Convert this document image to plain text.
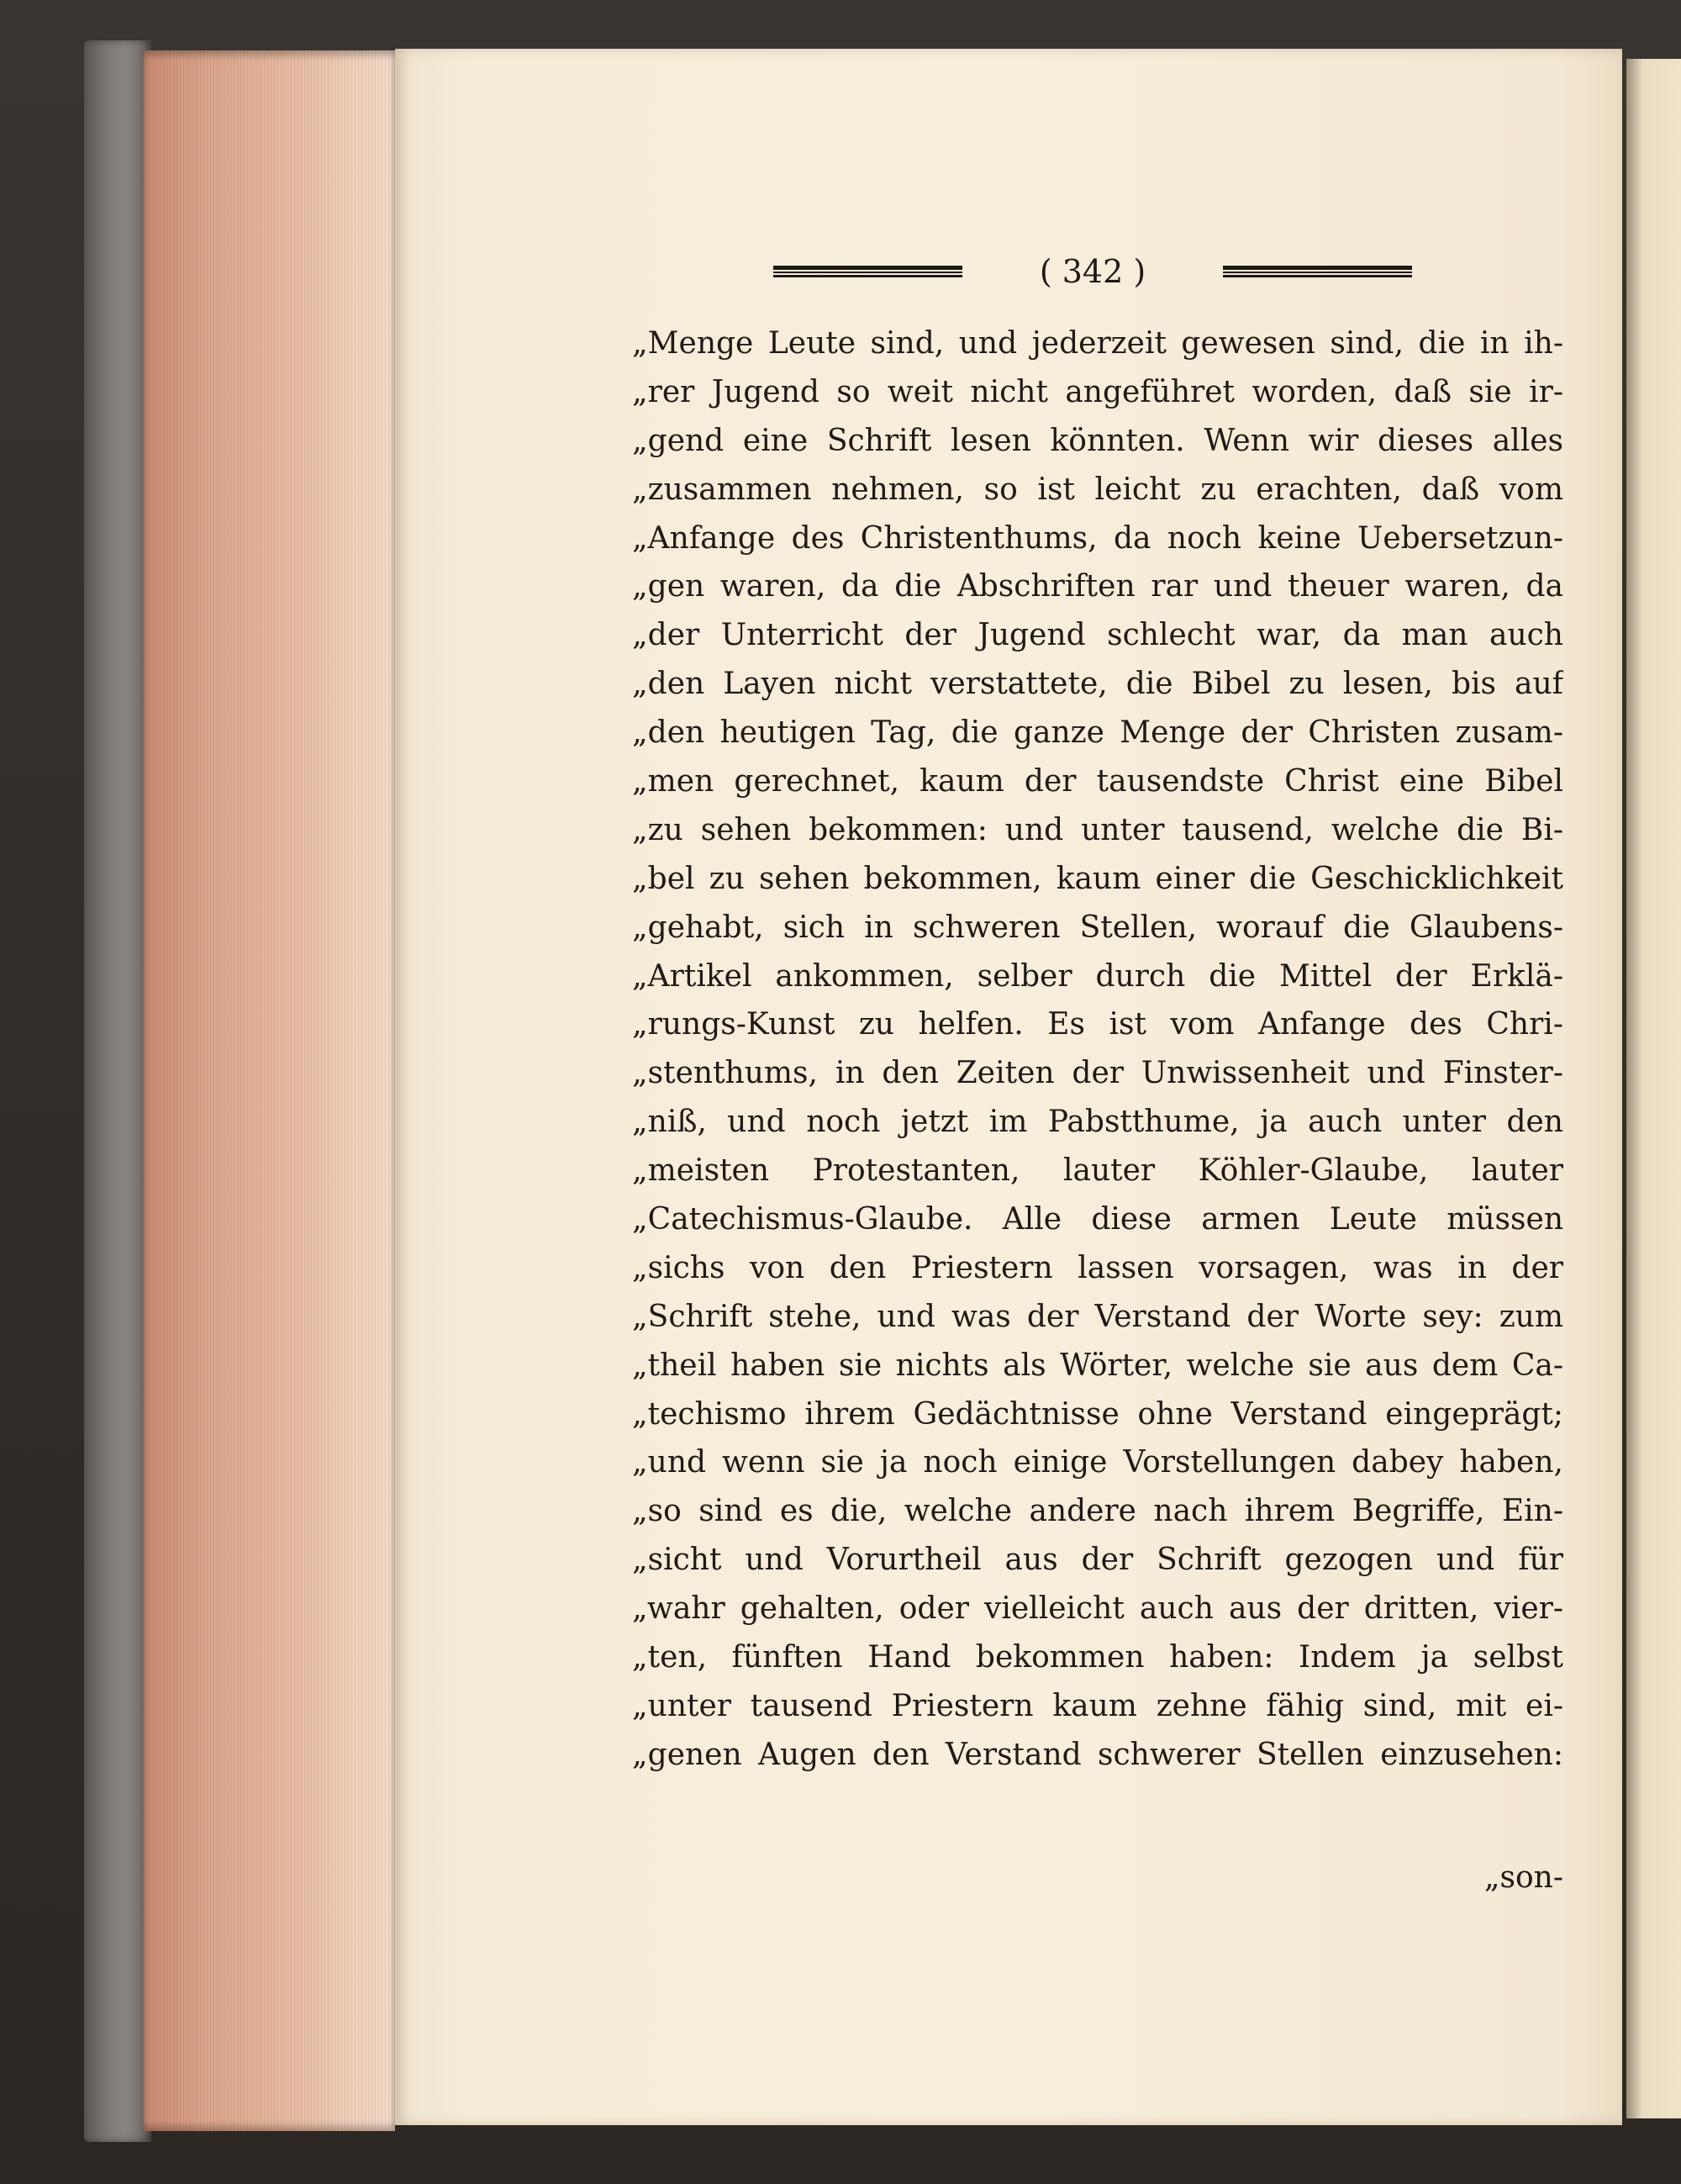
( 342 )
„Menge Leute sind, und jederzeit gewesen sind, die in ih-
„rer Jugend so weit nicht angeführet worden, daß sie ir-
„gend eine Schrift lesen könnten. Wenn wir dieses alles
„zusammen nehmen, so ist leicht zu erachten, daß vom
„Anfange des Christenthums, da noch keine Uebersetzun-
„gen waren, da die Abschriften rar und theuer waren, da
„der Unterricht der Jugend schlecht war, da man auch
„den Layen nicht verstattete, die Bibel zu lesen, bis auf
„den heutigen Tag, die ganze Menge der Christen zusam-
„men gerechnet, kaum der tausendste Christ eine Bibel
„zu sehen bekommen: und unter tausend, welche die Bi-
„bel zu sehen bekommen, kaum einer die Geschicklichkeit
„gehabt, sich in schweren Stellen, worauf die Glaubens-
„Artikel ankommen, selber durch die Mittel der Erklä-
„rungs-Kunst zu helfen. Es ist vom Anfange des Chri-
„stenthums, in den Zeiten der Unwissenheit und Finster-
„niß, und noch jetzt im Pabstthume, ja auch unter den
„meisten Protestanten, lauter Köhler-Glaube, lauter
„Catechismus-Glaube. Alle diese armen Leute müssen
„sichs von den Priestern lassen vorsagen, was in der
„Schrift stehe, und was der Verstand der Worte sey: zum
„theil haben sie nichts als Wörter, welche sie aus dem Ca-
„techismo ihrem Gedächtnisse ohne Verstand eingeprägt;
„und wenn sie ja noch einige Vorstellungen dabey haben,
„so sind es die, welche andere nach ihrem Begriffe, Ein-
„sicht und Vorurtheil aus der Schrift gezogen und für
„wahr gehalten, oder vielleicht auch aus der dritten, vier-
„ten, fünften Hand bekommen haben: Indem ja selbst
„unter tausend Priestern kaum zehne fähig sind, mit ei-
„genen Augen den Verstand schwerer Stellen einzusehen:
„son-
